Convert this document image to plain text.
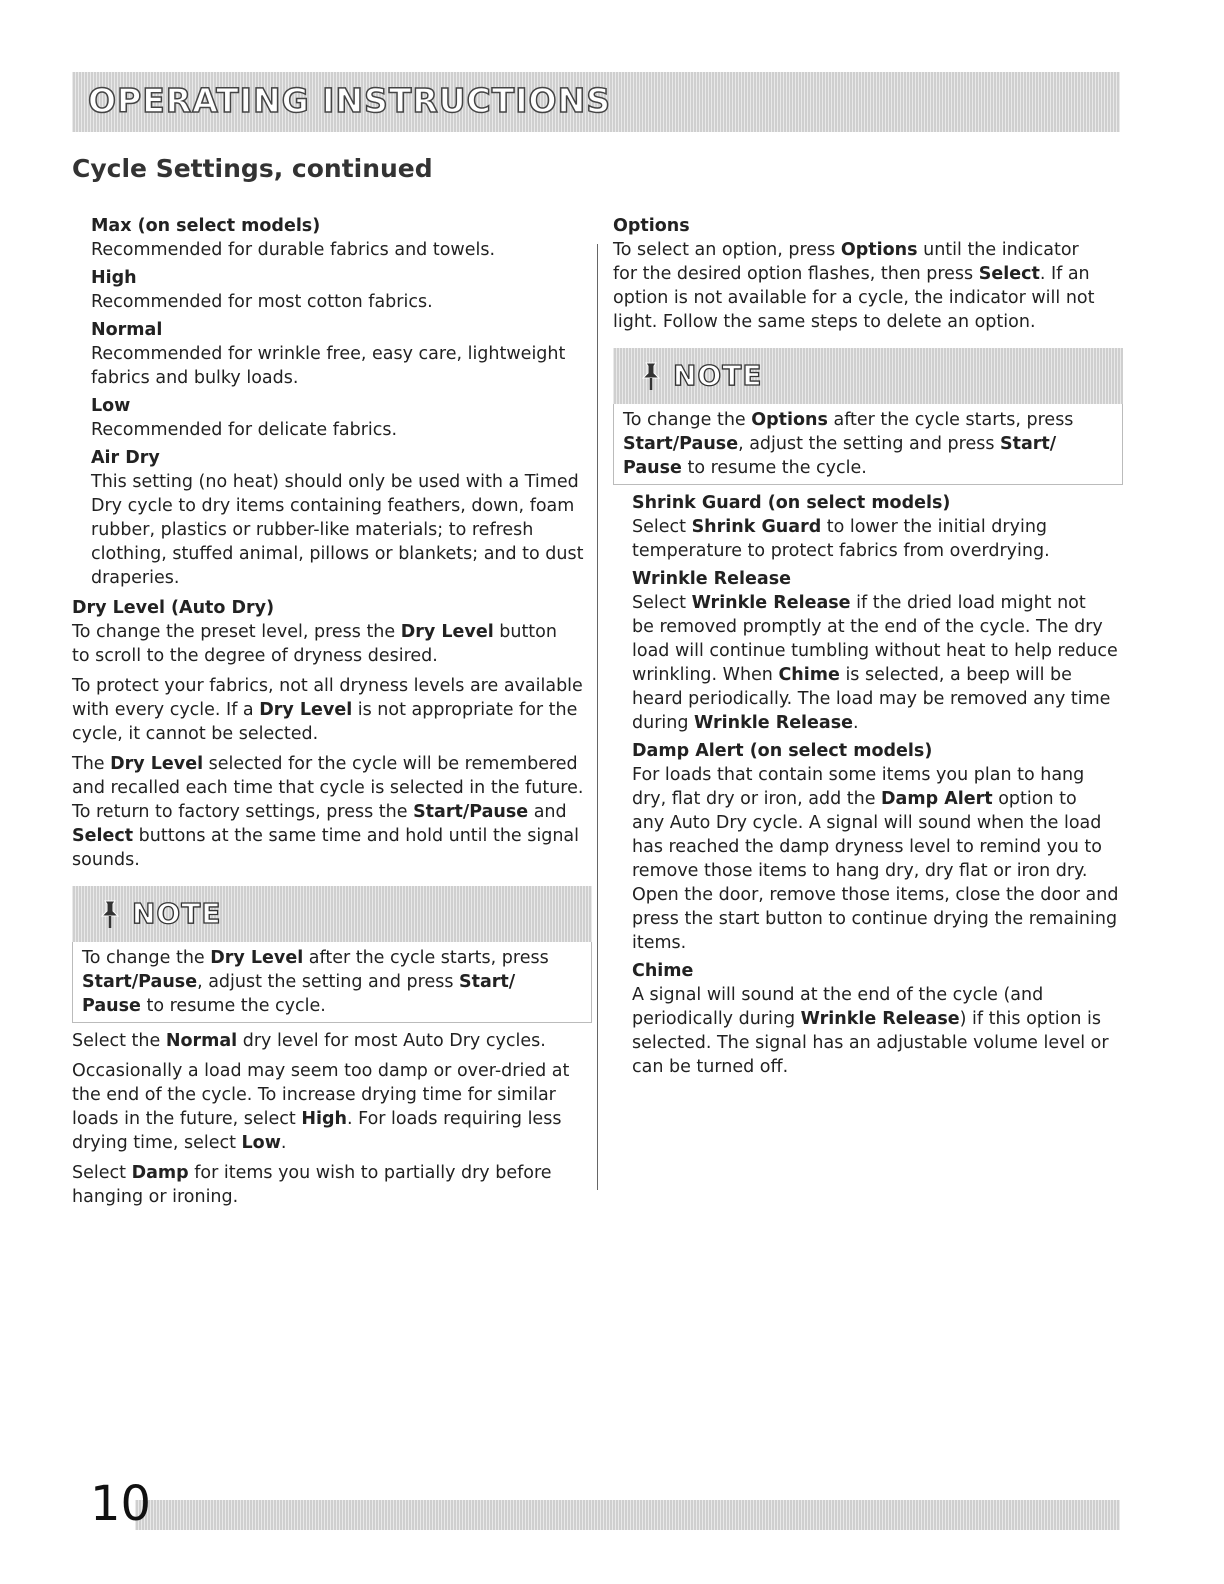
OPERATING INSTRUCTIONS
Cycle Settings, continued

Max (on select models)

Recommended for durable fabrics and towels.

High

Recommended for most cotton fabrics.

Normal

Recommended for wrinkle free, easy care, lightweight
fabrics and bulky loads.

Low

Recommended for delicate fabrics.

Air Dry

This setting (no heat) should only be used with a Timed
Dry cycle to dry items containing feathers, down, foam
rubber, plastics or rubber-like materials; to refresh
clothing, stuffed animal, pillows or blankets; and to dust
draperies.

Dry Level (Auto Dry)

To change the preset level, press the Dry Level button
to scroll to the degree of dryness desired.

To protect your fabrics, not all dryness levels are available
with every cycle. If a Dry Level is not appropriate for the
cycle, it cannot be selected.

The Dry Level selected for the cycle will be remembered
and recalled each time that cycle is selected in the future.
To return to factory settings, press the Start/Pause and
Select buttons at the same time and hold until the signal
sounds.

NOTE
To change the Dry Level after the cycle starts, press
Start/Pause, adjust the setting and press Start/
Pause to resume the cycle.

Select the Normal dry level for most Auto Dry cycles.

Occasionally a load may seem too damp or over-dried at
the end of the cycle. To increase drying time for similar
loads in the future, select High. For loads requiring less
drying time, select Low.

Select Damp for items you wish to partially dry before
hanging or ironing.

Options

To select an option, press Options until the indicator
for the desired option flashes, then press Select. If an
option is not available for a cycle, the indicator will not
light. Follow the same steps to delete an option.

NOTE
To change the Options after the cycle starts, press
Start/Pause, adjust the setting and press Start/
Pause to resume the cycle.

Shrink Guard (on select models)

Select Shrink Guard to lower the initial drying
temperature to protect fabrics from overdrying.

Wrinkle Release

Select Wrinkle Release if the dried load might not
be removed promptly at the end of the cycle. The dry
load will continue tumbling without heat to help reduce
wrinkling. When Chime is selected, a beep will be
heard periodically. The load may be removed any time
during Wrinkle Release.

Damp Alert (on select models)

For loads that contain some items you plan to hang
dry, flat dry or iron, add the Damp Alert option to
any Auto Dry cycle. A signal will sound when the load
has reached the damp dryness level to remind you to
remove those items to hang dry, dry flat or iron dry.
Open the door, remove those items, close the door and
press the start button to continue drying the remaining
items.

Chime

A signal will sound at the end of the cycle (and
periodically during Wrinkle Release) if this option is
selected. The signal has an adjustable volume level or
can be turned off.

10
